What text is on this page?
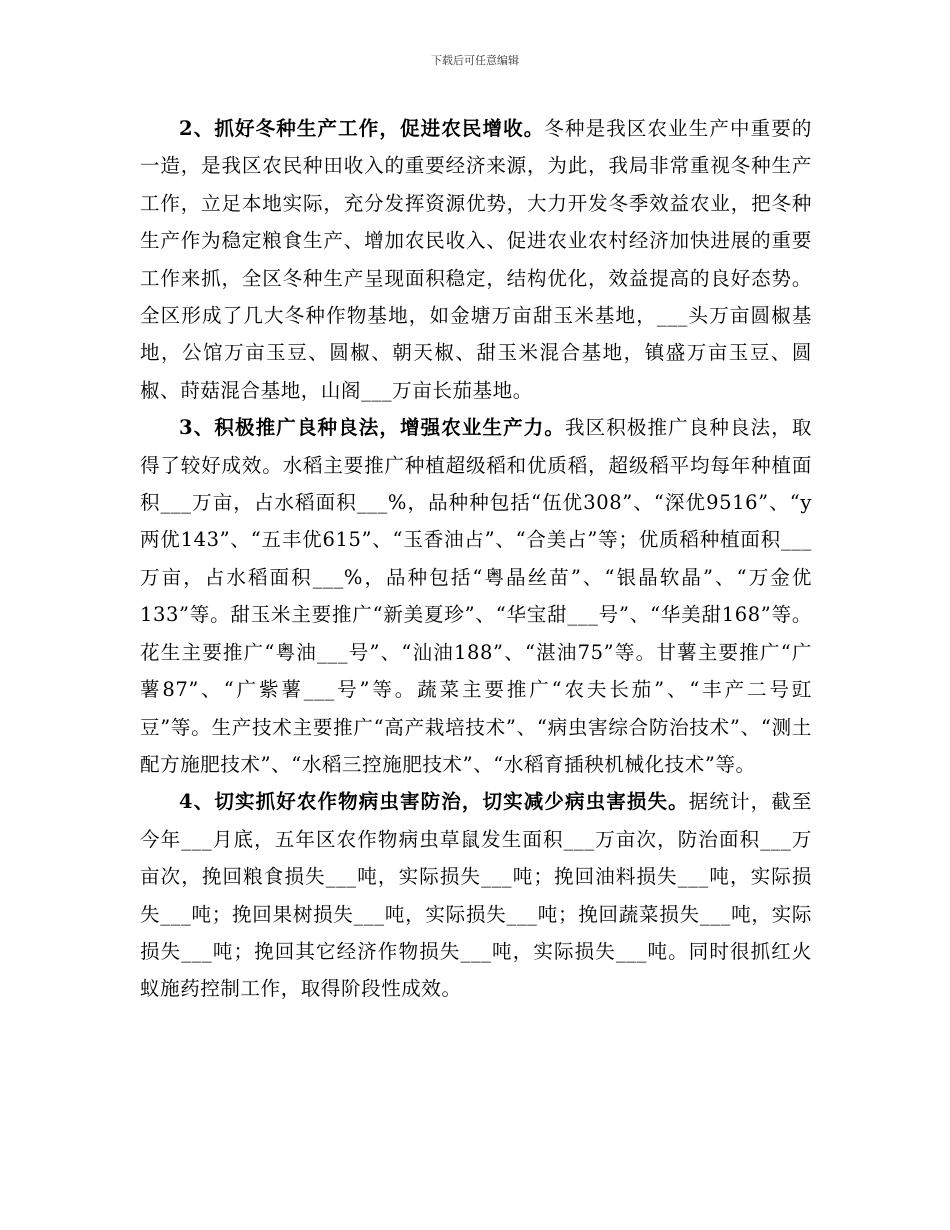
下载后可任意编辑

2、抓好冬种生产工作，促进农民增收。冬种是我区农业生产中重要的一造，是我区农民种田收入的重要经济来源，为此，我局非常重视冬种生产工作，立足本地实际，充分发挥资源优势，大力开发冬季效益农业，把冬种生产作为稳定粮食生产、增加农民收入、促进农业农村经济加快进展的重要工作来抓，全区冬种生产呈现面积稳定，结构优化，效益提高的良好态势。全区形成了几大冬种作物基地，如金塘万亩甜玉米基地，___头万亩圆椒基地，公馆万亩玉豆、圆椒、朝天椒、甜玉米混合基地，镇盛万亩玉豆、圆椒、莳菇混合基地，山阁___万亩长茄基地。

3、积极推广良种良法，增强农业生产力。我区积极推广良种良法，取得了较好成效。水稻主要推广种植超级稻和优质稻，超级稻平均每年种植面积___万亩，占水稻面积___%，品种种包括“伍优308”、“深优9516”、“y两优143”、“五丰优615”、“玉香油占”、“合美占”等；优质稻种植面积___万亩，占水稻面积___%，品种包括“粤晶丝苗”、“银晶软晶”、“万金优133”等。甜玉米主要推广“新美夏珍”、“华宝甜___号”、“华美甜168”等。花生主要推广“粤油___号”、“汕油188”、“湛油75”等。甘薯主要推广“广薯87”、“广紫薯___号”等。蔬菜主要推广“农夫长茄”、“丰产二号豇豆”等。生产技术主要推广“高产栽培技术”、“病虫害综合防治技术”、“测土配方施肥技术”、“水稻三控施肥技术”、“水稻育插秧机械化技术”等。

4、切实抓好农作物病虫害防治，切实减少病虫害损失。据统计，截至今年___月底，五年区农作物病虫草鼠发生面积___万亩次，防治面积___万亩次，挽回粮食损失___吨，实际损失___吨；挽回油料损失___吨，实际损失___吨；挽回果树损失___吨，实际损失___吨；挽回蔬菜损失___吨，实际损失___吨；挽回其它经济作物损失___吨，实际损失___吨。同时很抓红火蚁施药控制工作，取得阶段性成效。
